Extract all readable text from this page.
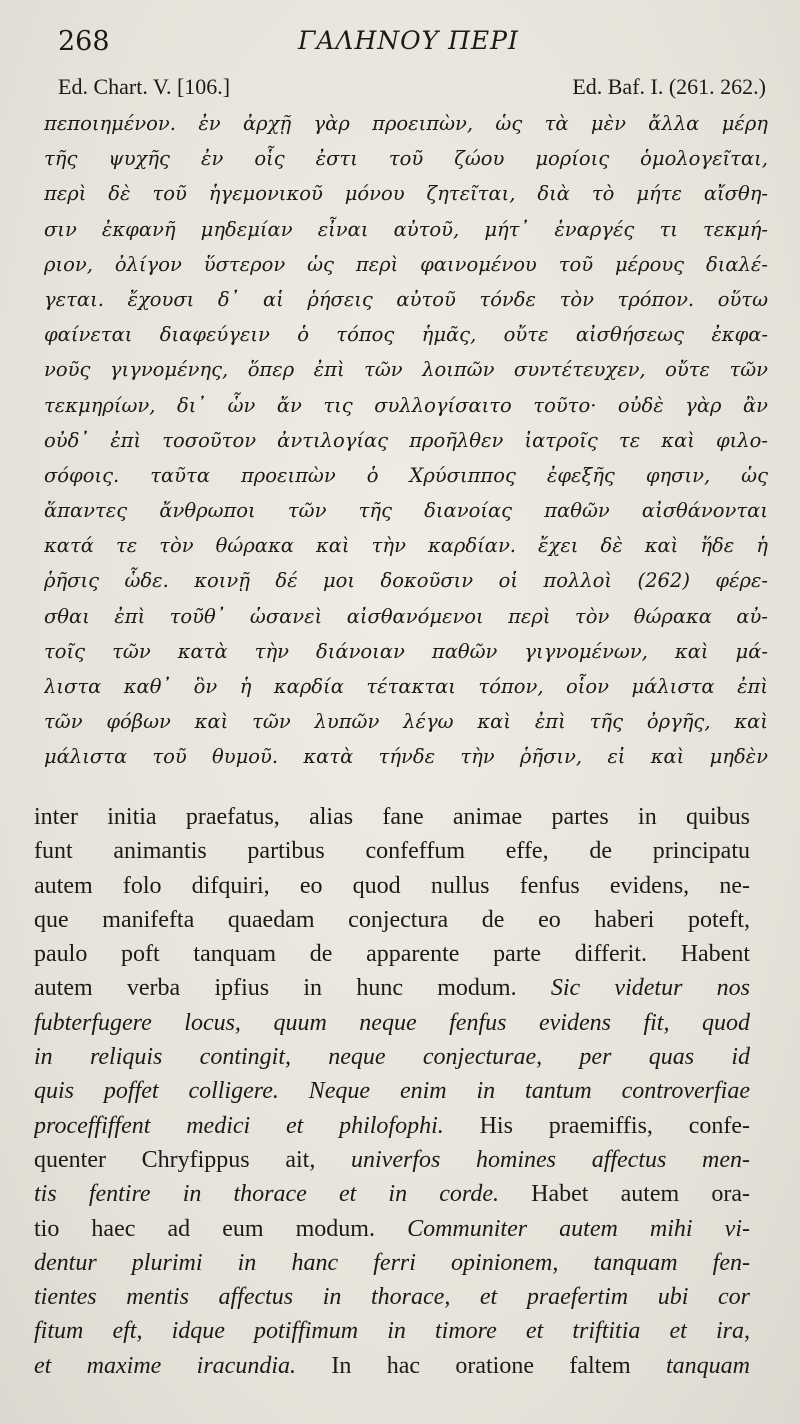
268	ΓΑΛΗΝΟΥ ΠΕΡΙ
Ed. Chart. V. [106.]	Ed. Baf. I. (261. 262.)
πεποιημένον. ἐν ἀρχῇ γὰρ προειπὼν, ὡς τὰ μὲν ἄλλα μέρη
τῆς ψυχῆς ἐν οἷς ἐστι τοῦ ζώου μορίοις ὁμολογεῖται,
περὶ δὲ τοῦ ἡγεμονικοῦ μόνου ζητεῖται, διὰ τὸ μήτε αἴσθη-
σιν ἐκφανῆ μηδεμίαν εἶναι αὐτοῦ, μήτ᾽ ἐναργές τι τεκμή-
ριον, ὀλίγον ὕστερον ὡς περὶ φαινομένου τοῦ μέρους διαλέ-
γεται. ἔχουσι δ᾽ αἱ ῥήσεις αὐτοῦ τόνδε τὸν τρόπον. οὕτω
φαίνεται διαφεύγειν ὁ τόπος ἡμᾶς, οὔτε αἰσθήσεως ἐκφα-
νοῦς γιγνομένης, ὅπερ ἐπὶ τῶν λοιπῶν συντέτευχεν, οὔτε τῶν
τεκμηρίων, δι᾽ ὧν ἄν τις συλλογίσαιτο τοῦτο· οὐδὲ γὰρ ἂν
οὐδ᾽ ἐπὶ τοσοῦτον ἀντιλογίας προῆλθεν ἰατροῖς τε καὶ φιλο-
σόφοις. ταῦτα προειπὼν ὁ Χρύσιππος ἐφεξῆς φησιν, ὡς
ἅπαντες ἄνθρωποι τῶν τῆς διανοίας παθῶν αἰσθάνονται
κατά τε τὸν θώρακα καὶ τὴν καρδίαν. ἔχει δὲ καὶ ἥδε ἡ
ῥῆσις ὧδε. κοινῇ δέ μοι δοκοῦσιν οἱ πολλοὶ (262) φέρε-
σθαι ἐπὶ τοῦθ᾽ ὡσανεὶ αἰσθανόμενοι περὶ τὸν θώρακα αὐ-
τοῖς τῶν κατὰ τὴν διάνοιαν παθῶν γιγνομένων, καὶ μά-
λιστα καθ᾽ ὃν ἡ καρδία τέτακται τόπον, οἷον μάλιστα ἐπὶ
τῶν φόβων καὶ τῶν λυπῶν λέγω καὶ ἐπὶ τῆς ὀργῆς, καὶ
μάλιστα τοῦ θυμοῦ. κατὰ τήνδε τὴν ῥῆσιν, εἰ καὶ μηδὲν
inter initia praefatus, alias fane animae partes in quibus
funt animantis partibus confeffum effe, de principatu
autem folo difquiri, eo quod nullus fenfus evidens, ne-
que manifefta quaedam conjectura de eo haberi poteft,
paulo poft tanquam de apparente parte differit. Habent
autem verba ipfius in hunc modum. Sic videtur nos
fubterfugere locus, quum neque fenfus evidens fit, quod
in reliquis contingit, neque conjecturae, per quas id
quis poffet colligere. Neque enim in tantum controverfiae
proceffiffent medici et philofophi. His praemiffis, confe-
quenter Chryfippus ait, univerfos homines affectus men-
tis fentire in thorace et in corde. Habet autem ora-
tio haec ad eum modum. Communiter autem mihi vi-
dentur plurimi in hanc ferri opinionem, tanquam fen-
tientes mentis affectus in thorace, et praefertim ubi cor
fitum eft, idque potiffimum in timore et triftitia et ira,
et maxime iracundia. In hac oratione faltem tanquam
